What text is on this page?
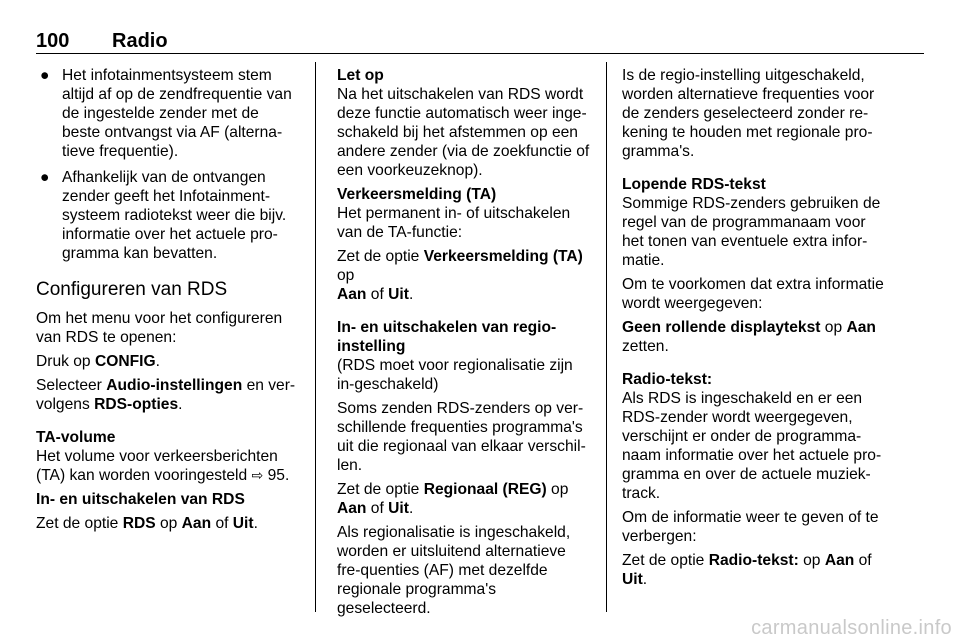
100 Radio
● Het infotainmentsysteem stem altijd af op de zendfrequentie van de ingestelde zender met de beste ontvangst via AF (alterna-tieve frequentie).
● Afhankelijk van de ontvangen zender geeft het Infotainment-systeem radiotekst weer die bijv. informatie over het actuele pro-gramma kan bevatten.
Configureren van RDS

Om het menu voor het configureren van RDS te openen:

Druk op CONFIG.

Selecteer Audio-instellingen en ver-volgens RDS-opties.

TA-volume
Het volume voor verkeersberichten (TA) kan worden vooringesteld ⇨ 95.

In- en uitschakelen van RDS

Zet de optie RDS op Aan of Uit.

Let op
Na het uitschakelen van RDS wordt deze functie automatisch weer inge-schakeld bij het afstemmen op een andere zender (via de zoekfunctie of een voorkeuzeknop).

Verkeersmelding (TA)
Het permanent in- of uitschakelen van de TA-functie:

Zet de optie Verkeersmelding (TA) op
Aan of Uit.

In- en uitschakelen van regio-instelling
(RDS moet voor regionalisatie zijn in-geschakeld)

Soms zenden RDS-zenders op ver-schillende frequenties programma's uit die regionaal van elkaar verschil-len.

Zet de optie Regionaal (REG) op
Aan of Uit.

Als regionalisatie is ingeschakeld, worden er uitsluitend alternatieve fre-quenties (AF) met dezelfde regionale programma's geselecteerd.

Is de regio-instelling uitgeschakeld, worden alternatieve frequenties voor de zenders geselecteerd zonder re-kening te houden met regionale pro-gramma's.

Lopende RDS-tekst
Sommige RDS-zenders gebruiken de regel van de programmanaam voor het tonen van eventuele extra infor-matie.

Om te voorkomen dat extra informatie wordt weergegeven:

Geen rollende displaytekst op Aan
zetten.

Radio-tekst:
Als RDS is ingeschakeld en er een RDS-zender wordt weergegeven, verschijnt er onder de programma-naam informatie over het actuele pro-gramma en over de actuele muziek-track.

Om de informatie weer te geven of te verbergen:

Zet de optie Radio-tekst: op Aan of
Uit.

carmanualsonline.info
